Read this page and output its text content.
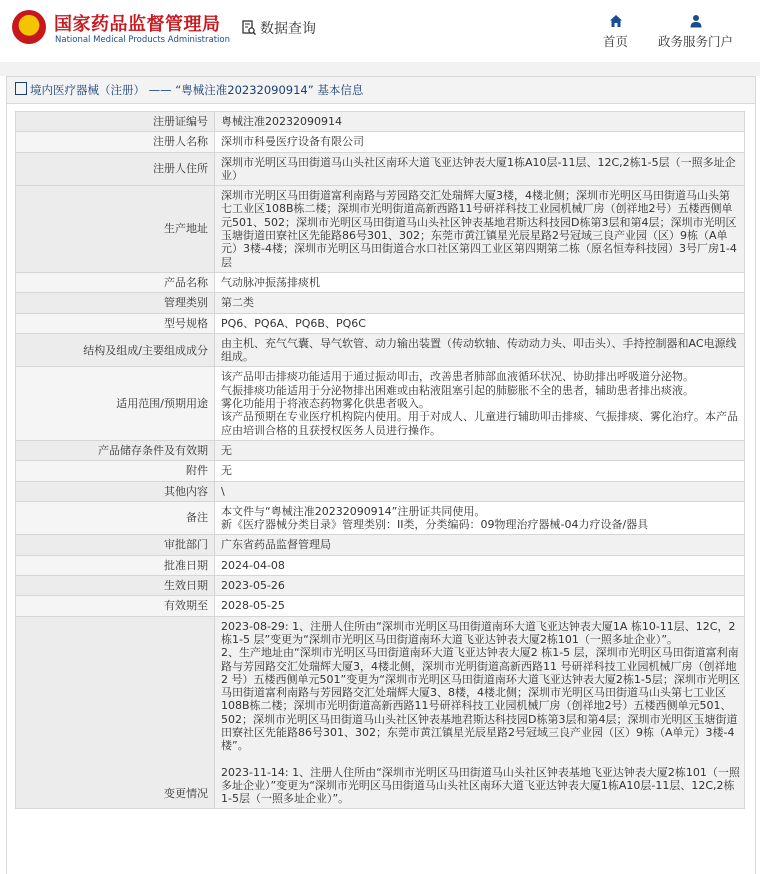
国家药品监督管理局
National Medical Products Administration
数据查询
首页 政务服务门户
境内医疗器械（注册） —— “粤械注准20232090914” 基本信息
注册证编号	粤械注准20232090914
注册人名称	深圳市科曼医疗设备有限公司
注册人住所	深圳市光明区马田街道马山头社区南环大道飞亚达钟表大厦1栋A10层-11层、12C,2栋1-5层（一照多址企业）
生产地址	深圳市光明区马田街道富利南路与芳园路交汇处瑞辉大厦3楼，4楼北侧；深圳市光明区马田街道马山头第七工业区108B栋二楼；深圳市光明街道高新西路11号研祥科技工业园机械厂房（创祥地2号）五楼西侧单元501、502；深圳市光明区马田街道马山头社区钟表基地君斯达科技园D栋第3层和第4层；深圳市光明区玉塘街道田寮社区先能路86号301、302；东莞市黄江镇星光辰星路2号冠域三良产业园（区）9栋（A单元）3楼-4楼；深圳市光明区马田街道合水口社区第四工业区第四期第二栋（原名恒寿科技园）3号厂房1-4层
产品名称	气动脉冲振荡排痰机
管理类别	第二类
型号规格	PQ6、PQ6A、PQ6B、PQ6C
结构及组成/主要组成成分	由主机、充气气囊、导气软管、动力输出装置（传动软轴、传动动力头、叩击头）、手持控制器和AC电源线组成。
适用范围/预期用途	该产品叩击排痰功能适用于通过振动叩击，改善患者肺部血液循环状况、协助排出呼吸道分泌物。
气振排痰功能适用于分泌物排出困难或由粘液阻塞引起的肺膨胀不全的患者，辅助患者排出痰液。
雾化功能用于将液态药物雾化供患者吸入。
该产品预期在专业医疗机构院内使用。用于对成人、儿童进行辅助叩击排痰、气振排痰、雾化治疗。本产品应由培训合格的且获授权医务人员进行操作。

产品储存条件及有效期	无
附件	无
其他内容	\
备注	本文件与“粤械注准20232090914”注册证共同使用。
新《医疗器械分类目录》管理类别：II类，分类编码：09物理治疗器械-04力疗设备/器具

审批部门	广东省药品监督管理局
批准日期	2024-04-08
生效日期	2023-05-26
有效期至	2028-05-25
变更情况	2023-08-29: 1、注册人住所由“深圳市光明区马田街道南环大道飞亚达钟表大厦1A 栋10-11层、12C，2 栋1-5 层”变更为“深圳市光明区马田街道南环大道飞亚达钟表大厦2栋101（一照多址企业）”。
2、生产地址由“深圳市光明区马田街道南环大道飞亚达钟表大厦2 栋1-5 层，深圳市光明区马田街道富利南路与芳园路交汇处瑞辉大厦3，4楼北侧，深圳市光明街道高新西路11 号研祥科技工业园机械厂房（创祥地2 号）五楼西侧单元501”变更为“深圳市光明区马田街道南环大道飞亚达钟表大厦2栋1-5层；深圳市光明区马田街道富利南路与芳园路交汇处瑞辉大厦3、8楼，4楼北侧；深圳市光明区马田街道马山头第七工业区108B栋二楼；深圳市光明街道高新西路11号研祥科技工业园机械厂房（创祥地2号）五楼西侧单元501、502；深圳市光明区马田街道马山头社区钟表基地君斯达科技园D栋第3层和第4层；深圳市光明区玉塘街道田寮社区先能路86号301、302；东莞市黄江镇星光辰星路2号冠域三良产业园（区）9栋（A单元）3楼-4楼”。
2023-11-14: 1、注册人住所由“深圳市光明区马田街道马山头社区钟表基地飞亚达钟表大厦2栋101（一照多址企业）”变更为“深圳市光明区马田街道马山头社区南环大道飞亚达钟表大厦1栋A10层-11层、12C,2栋1-5层（一照多址企业）”。
